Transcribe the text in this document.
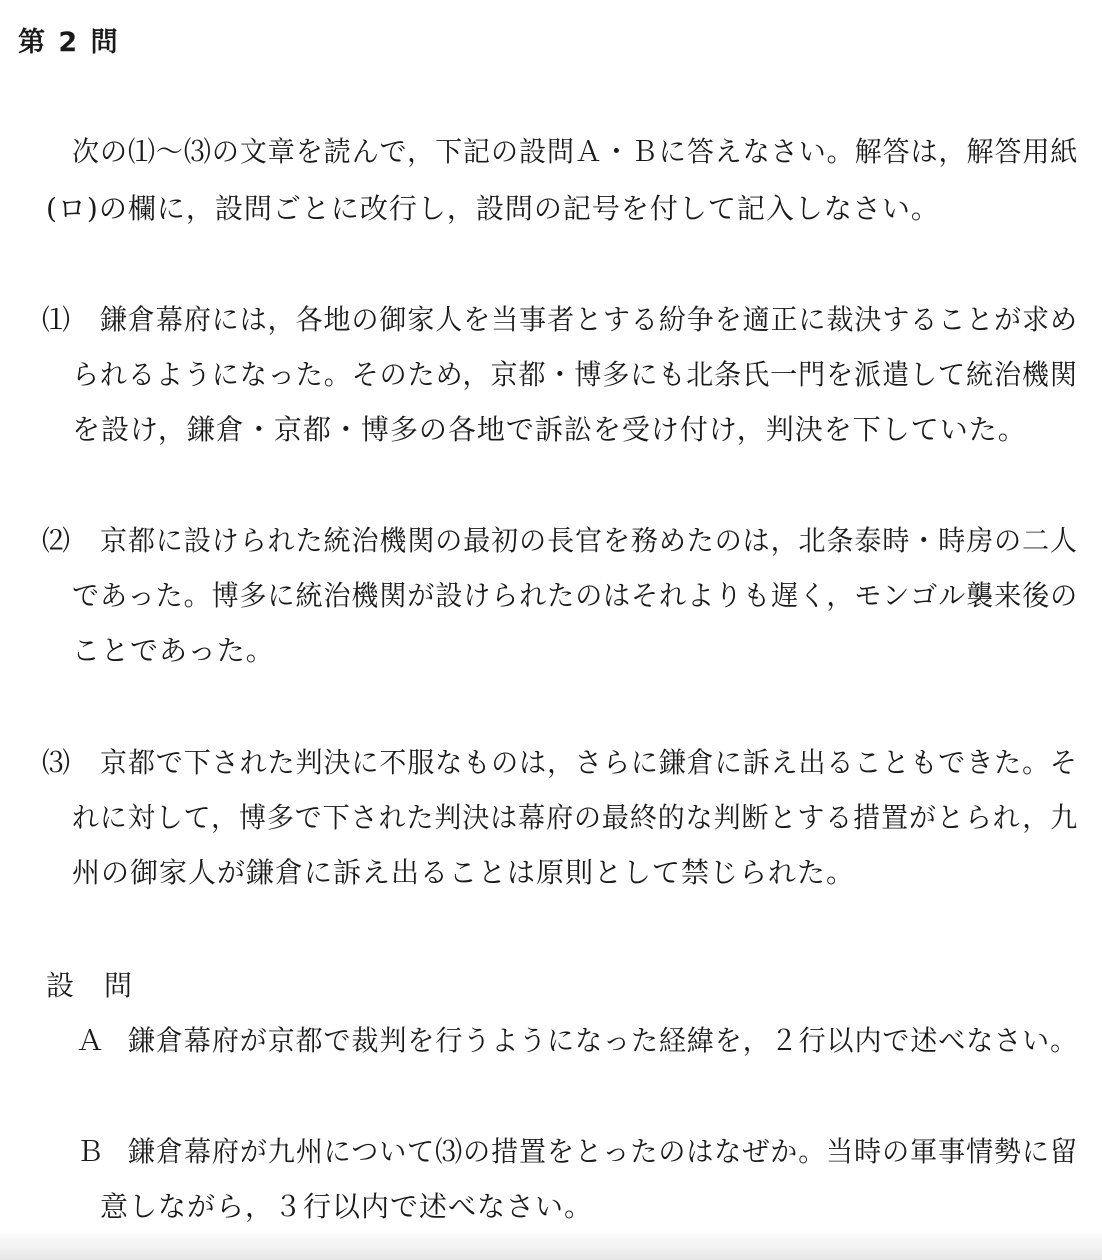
第 2 問
次の⑴〜⑶の文章を読んで，下記の設問Ａ・Ｂに答えなさい。解答は，解答用紙
(ロ)の欄に，設問ごとに改行し，設問の記号を付して記入しなさい。
⑴ 鎌倉幕府には，各地の御家人を当事者とする紛争を適正に裁決することが求め
られるようになった。そのため，京都・博多にも北条氏一門を派遣して統治機関
を設け，鎌倉・京都・博多の各地で訴訟を受け付け，判決を下していた。
⑵ 京都に設けられた統治機関の最初の長官を務めたのは，北条泰時・時房の二人
であった。博多に統治機関が設けられたのはそれよりも遅く，モンゴル襲来後の
ことであった。
⑶ 京都で下された判決に不服なものは，さらに鎌倉に訴え出ることもできた。そ
れに対して，博多で下された判決は幕府の最終的な判断とする措置がとられ，九
州の御家人が鎌倉に訴え出ることは原則として禁じられた。
設　問
Ａ 鎌倉幕府が京都で裁判を行うようになった経緯を，２行以内で述べなさい。
Ｂ 鎌倉幕府が九州について⑶の措置をとったのはなぜか。当時の軍事情勢に留
意しながら，３行以内で述べなさい。
